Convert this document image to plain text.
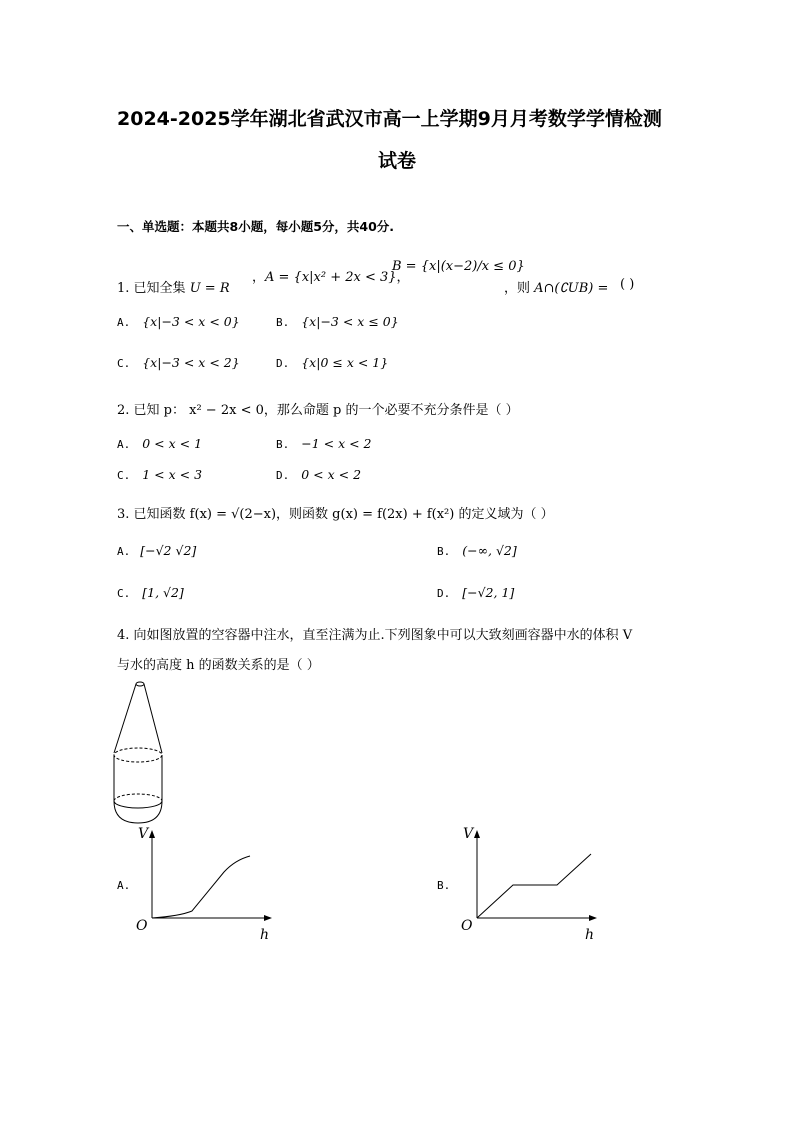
2024-2025学年湖北省武汉市高一上学期9月月考数学学情检测
试卷
一、单选题：本题共8小题，每小题5分，共40分.
1. 已知全集 U = R
，A = {x|x² + 2x < 3}，
B = {x|(x−2)/x ≤ 0}
，则 A∩(∁UB) = ( )
A. {x|−3 < x < 0}	B. {x|−3 < x ≤ 0}
C. {x|−3 < x < 2}	D. {x|0 ≤ x < 1}
2. 已知 p： x² − 2x < 0，那么命题 p 的一个必要不充分条件是（ ）
A. 0 < x < 1	B. −1 < x < 2
C. 1 < x < 3	D. 0 < x < 2
3. 已知函数 f(x) = √(2−x)，则函数 g(x) = f(2x) + f(x²) 的定义域为（ ）
A. [−√2 √2]	B. (−∞, √2]
C. [1, √2]	D. [−√2, 1]
4. 向如图放置的空容器中注水，直至注满为止.下列图象中可以大致刻画容器中水的体积 V
与水的高度 h 的函数关系的是（ ）
A.
V
O
h
B.
V
O
h
